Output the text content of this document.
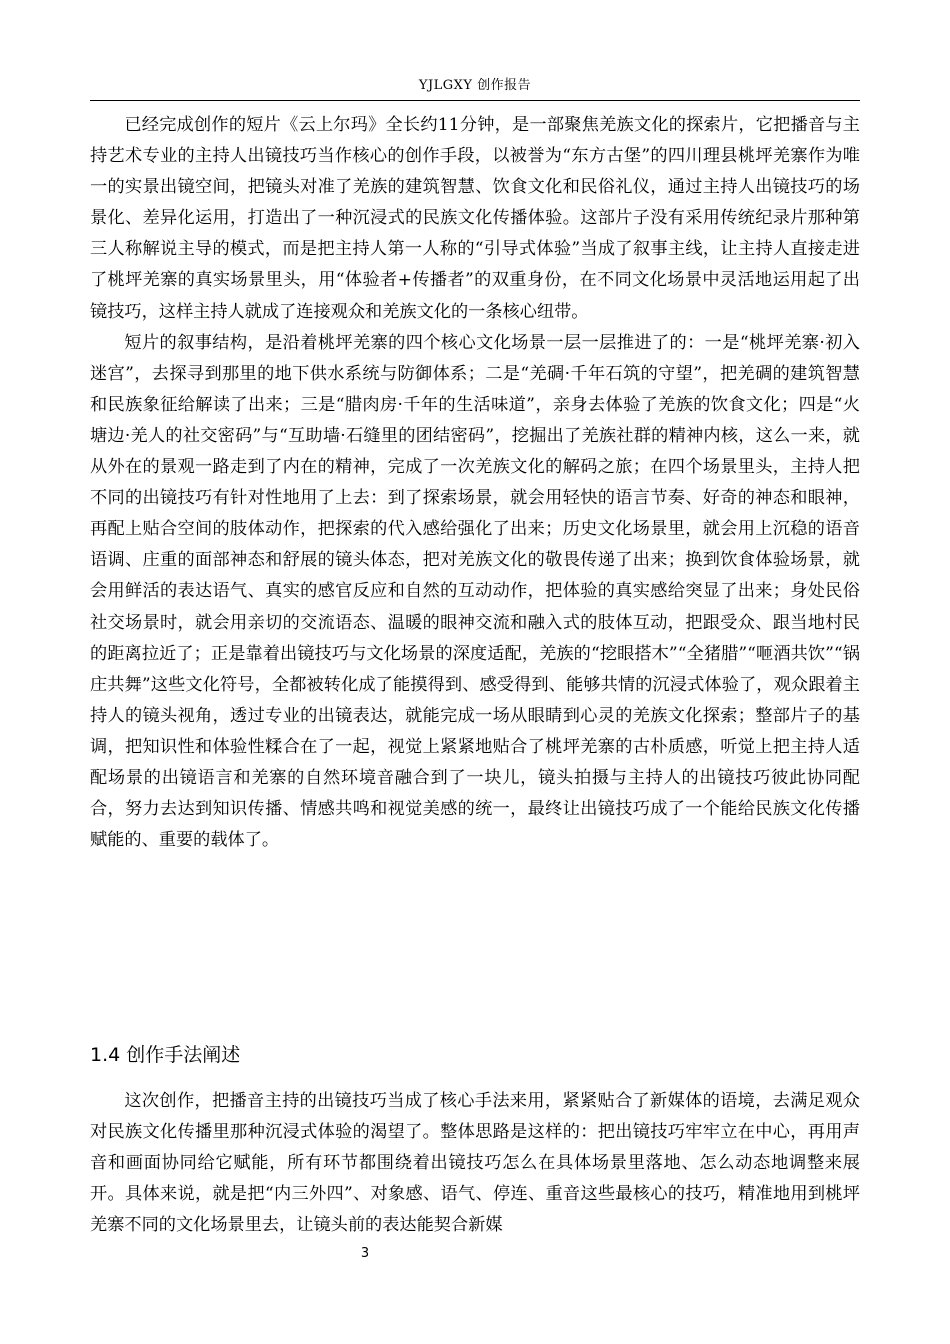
YJLGXY 创作报告

已经完成创作的短片《云上尔玛》全长约11分钟，是一部聚焦羌族文化的探索片，它把播音与主持艺术专业的主持人出镜技巧当作核心的创作手段，以被誉为“东方古堡”的四川理县桃坪羌寨作为唯一的实景出镜空间，把镜头对准了羌族的建筑智慧、饮食文化和民俗礼仪，通过主持人出镜技巧的场景化、差异化运用，打造出了一种沉浸式的民族文化传播体验。这部片子没有采用传统纪录片那种第三人称解说主导的模式，而是把主持人第一人称的“引导式体验”当成了叙事主线，让主持人直接走进了桃坪羌寨的真实场景里头，用“体验者+传播者”的双重身份，在不同文化场景中灵活地运用起了出镜技巧，这样主持人就成了连接观众和羌族文化的一条核心纽带。

短片的叙事结构，是沿着桃坪羌寨的四个核心文化场景一层一层推进了的：一是“桃坪羌寨·初入迷宫”，去探寻到那里的地下供水系统与防御体系；二是“羌碉·千年石筑的守望”，把羌碉的建筑智慧和民族象征给解读了出来；三是“腊肉房·千年的生活味道”，亲身去体验了羌族的饮食文化；四是“火塘边·羌人的社交密码”与“互助墙·石缝里的团结密码”，挖掘出了羌族社群的精神内核，这么一来，就从外在的景观一路走到了内在的精神，完成了一次羌族文化的解码之旅；在四个场景里头，主持人把不同的出镜技巧有针对性地用了上去：到了探索场景，就会用轻快的语言节奏、好奇的神态和眼神，再配上贴合空间的肢体动作，把探索的代入感给强化了出来；历史文化场景里，就会用上沉稳的语音语调、庄重的面部神态和舒展的镜头体态，把对羌族文化的敬畏传递了出来；换到饮食体验场景，就会用鲜活的表达语气、真实的感官反应和自然的互动动作，把体验的真实感给突显了出来；身处民俗社交场景时，就会用亲切的交流语态、温暖的眼神交流和融入式的肢体互动，把跟受众、跟当地村民的距离拉近了；正是靠着出镜技巧与文化场景的深度适配，羌族的“挖眼搭木”“全猪腊”“咂酒共饮”“锅庄共舞”这些文化符号，全都被转化成了能摸得到、感受得到、能够共情的沉浸式体验了，观众跟着主持人的镜头视角，透过专业的出镜表达，就能完成一场从眼睛到心灵的羌族文化探索；整部片子的基调，把知识性和体验性糅合在了一起，视觉上紧紧地贴合了桃坪羌寨的古朴质感，听觉上把主持人适配场景的出镜语言和羌寨的自然环境音融合到了一块儿，镜头拍摄与主持人的出镜技巧彼此协同配合，努力去达到知识传播、情感共鸣和视觉美感的统一，最终让出镜技巧成了一个能给民族文化传播赋能的、重要的载体了。

1.4 创作手法阐述

这次创作，把播音主持的出镜技巧当成了核心手法来用，紧紧贴合了新媒体的语境，去满足观众对民族文化传播里那种沉浸式体验的渴望了。整体思路是这样的：把出镜技巧牢牢立在中心，再用声音和画面协同给它赋能，所有环节都围绕着出镜技巧怎么在具体场景里落地、怎么动态地调整来展开。具体来说，就是把“内三外四”、对象感、语气、停连、重音这些最核心的技巧，精准地用到桃坪羌寨不同的文化场景里去，让镜头前的表达能契合新媒

3
